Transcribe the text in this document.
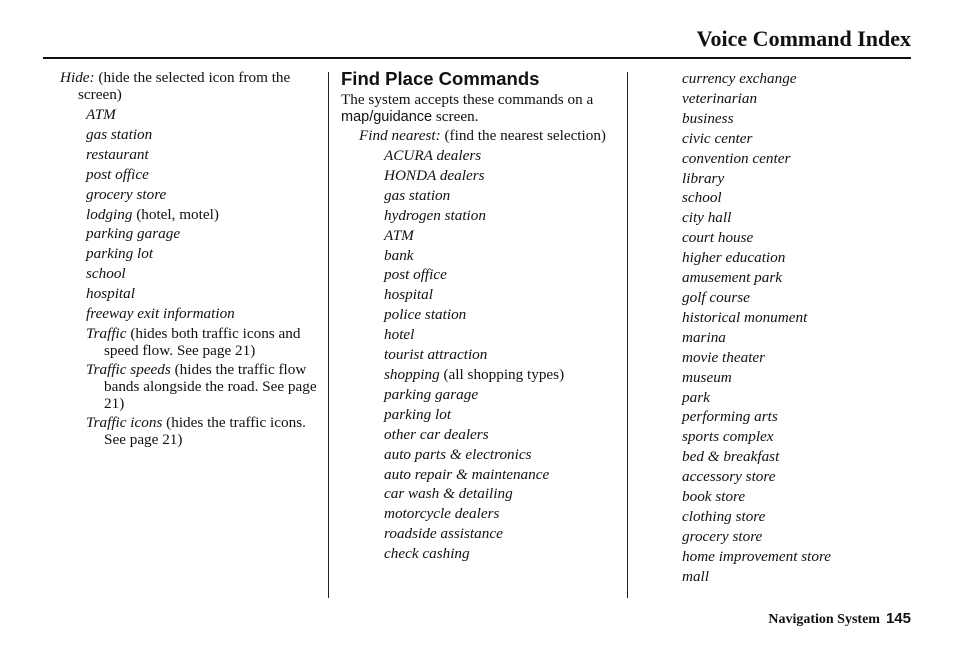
Voice Command Index

Hide: (hide the selected icon from the screen)

ATM

gas station

restaurant

post office

grocery store

lodging (hotel, motel)

parking garage

parking lot

school

hospital

freeway exit information

Traffic (hides both traffic icons and speed flow. See page 21)

Traffic speeds (hides the traffic flow bands alongside the road. See page 21)

Traffic icons (hides the traffic icons. See page 21)

Find Place Commands

The system accepts these commands on a map/guidance screen.

Find nearest: (find the nearest selection)

ACURA dealers

HONDA dealers

gas station

hydrogen station

ATM

bank

post office

hospital

police station

hotel

tourist attraction

shopping (all shopping types)

parking garage

parking lot

other car dealers

auto parts & electronics

auto repair & maintenance

car wash & detailing

motorcycle dealers

roadside assistance

check cashing

currency exchange

veterinarian

business

civic center

convention center

library

school

city hall

court house

higher education

amusement park

golf course

historical monument

marina

movie theater

museum

park

performing arts

sports complex

bed & breakfast

accessory store

book store

clothing store

grocery store

home improvement store

mall

Navigation System 145
